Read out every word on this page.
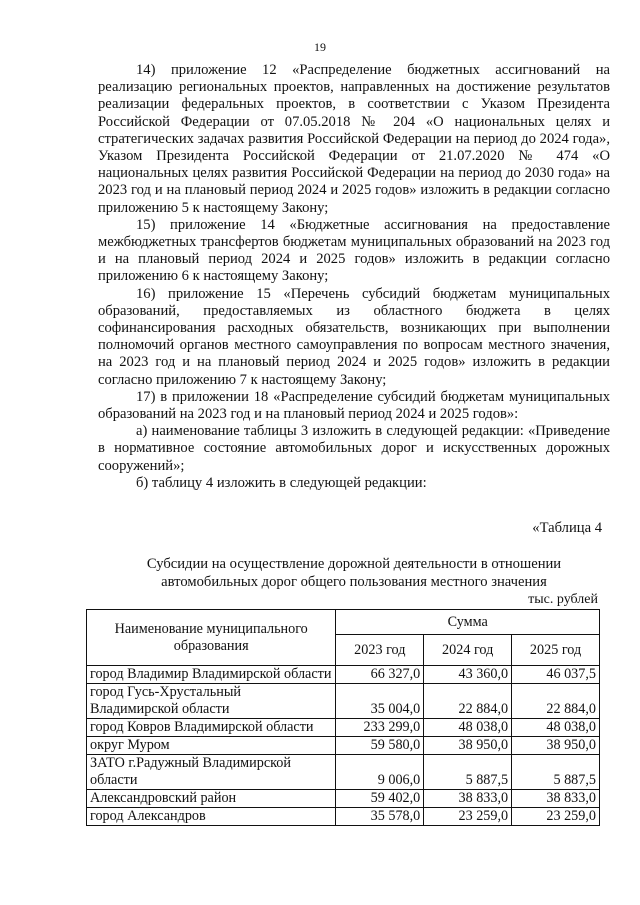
19

14) приложение 12 «Распределение бюджетных ассигнований на реализацию региональных проектов, направленных на достижение результатов реализации федеральных проектов, в соответствии с Указом Президента Российской Федерации от 07.05.2018 № 204 «О национальных целях и стратегических задачах развития Российской Федерации на период до 2024 года», Указом Президента Российской Федерации от 21.07.2020 № 474 «О национальных целях развития Российской Федерации на период до 2030 года» на 2023 год и на плановый период 2024 и 2025 годов» изложить в редакции согласно приложению 5 к настоящему Закону;

15) приложение 14 «Бюджетные ассигнования на предоставление межбюджетных трансфертов бюджетам муниципальных образований на 2023 год и на плановый период 2024 и 2025 годов» изложить в редакции согласно приложению 6 к настоящему Закону;

16) приложение 15 «Перечень субсидий бюджетам муниципальных образований, предоставляемых из областного бюджета в целях софинансирования расходных обязательств, возникающих при выполнении полномочий органов местного самоуправления по вопросам местного значения, на 2023 год и на плановый период 2024 и 2025 годов» изложить в редакции согласно приложению 7 к настоящему Закону;

17) в приложении 18 «Распределение субсидий бюджетам муниципальных образований на 2023 год и на плановый период 2024 и 2025 годов»:

а) наименование таблицы 3 изложить в следующей редакции: «Приведение в нормативное состояние автомобильных дорог и искусственных дорожных сооружений»;

б) таблицу 4 изложить в следующей редакции:

«Таблица 4
Субсидии на осуществление дорожной деятельности в отношении автомобильных дорог общего пользования местного значения
тыс. рублей
Наименование муниципального образования	Сумма		
	2023 год	2024 год	2025 год
город Владимир Владимирской области	66 327,0	43 360,0	46 037,5
город Гусь-Хрустальный Владимирской области	35 004,0	22 884,0	22 884,0
город Ковров Владимирской области	233 299,0	48 038,0	48 038,0
округ Муром	59 580,0	38 950,0	38 950,0
ЗАТО г.Радужный Владимирской области	9 006,0	5 887,5	5 887,5
Александровский район	59 402,0	38 833,0	38 833,0
город Александров	35 578,0	23 259,0	23 259,0
